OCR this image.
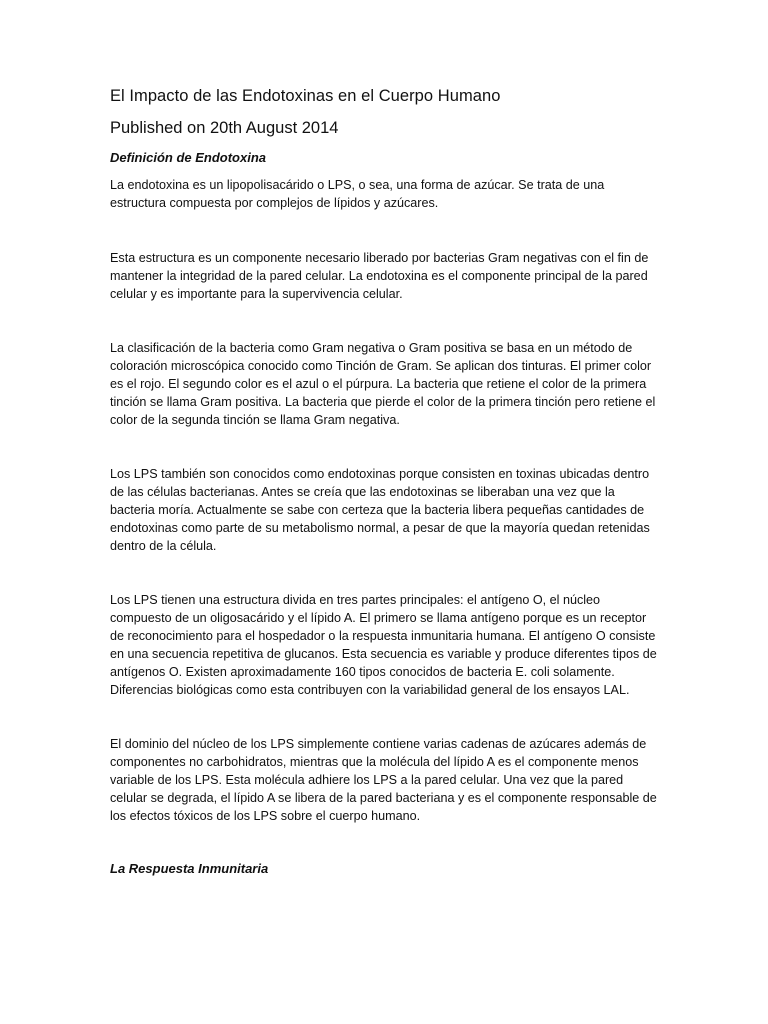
El Impacto de las Endotoxinas en el Cuerpo Humano
Published on 20th August 2014
Definición de Endotoxina

La endotoxina es un lipopolisacárido o LPS, o sea, una forma de azúcar. Se trata de una estructura compuesta por complejos de lípidos y azúcares.

Esta estructura es un componente necesario liberado por bacterias Gram negativas con el fin de mantener la integridad de la pared celular. La endotoxina es el componente principal de la pared celular y es importante para la supervivencia celular.

La clasificación de la bacteria como Gram negativa o Gram positiva se basa en un método de coloración microscópica conocido como Tinción de Gram. Se aplican dos tinturas. El primer color es el rojo. El segundo color es el azul o el púrpura. La bacteria que retiene el color de la primera tinción se llama Gram positiva. La bacteria que pierde el color de la primera tinción pero retiene el color de la segunda tinción se llama Gram negativa.

Los LPS también son conocidos como endotoxinas porque consisten en toxinas ubicadas dentro de las células bacterianas. Antes se creía que las endotoxinas se liberaban una vez que la bacteria moría. Actualmente se sabe con certeza que la bacteria libera pequeñas cantidades de endotoxinas como parte de su metabolismo normal, a pesar de que la mayoría quedan retenidas dentro de la célula.

Los LPS tienen una estructura divida en tres partes principales: el antígeno O, el núcleo compuesto de un oligosacárido y el lípido A. El primero se llama antígeno porque es un receptor de reconocimiento para el hospedador o la respuesta inmunitaria humana. El antígeno O consiste en una secuencia repetitiva de glucanos. Esta secuencia es variable y produce diferentes tipos de antígenos O. Existen aproximadamente 160 tipos conocidos de bacteria E. coli solamente. Diferencias biológicas como esta contribuyen con la variabilidad general de los ensayos LAL.

El dominio del núcleo de los LPS simplemente contiene varias cadenas de azúcares además de componentes no carbohidratos, mientras que la molécula del lípido A es el componente menos variable de los LPS. Esta molécula adhiere los LPS a la pared celular. Una vez que la pared celular se degrada, el lípido A se libera de la pared bacteriana y es el componente responsable de los efectos tóxicos de los LPS sobre el cuerpo humano.

La Respuesta Inmunitaria
